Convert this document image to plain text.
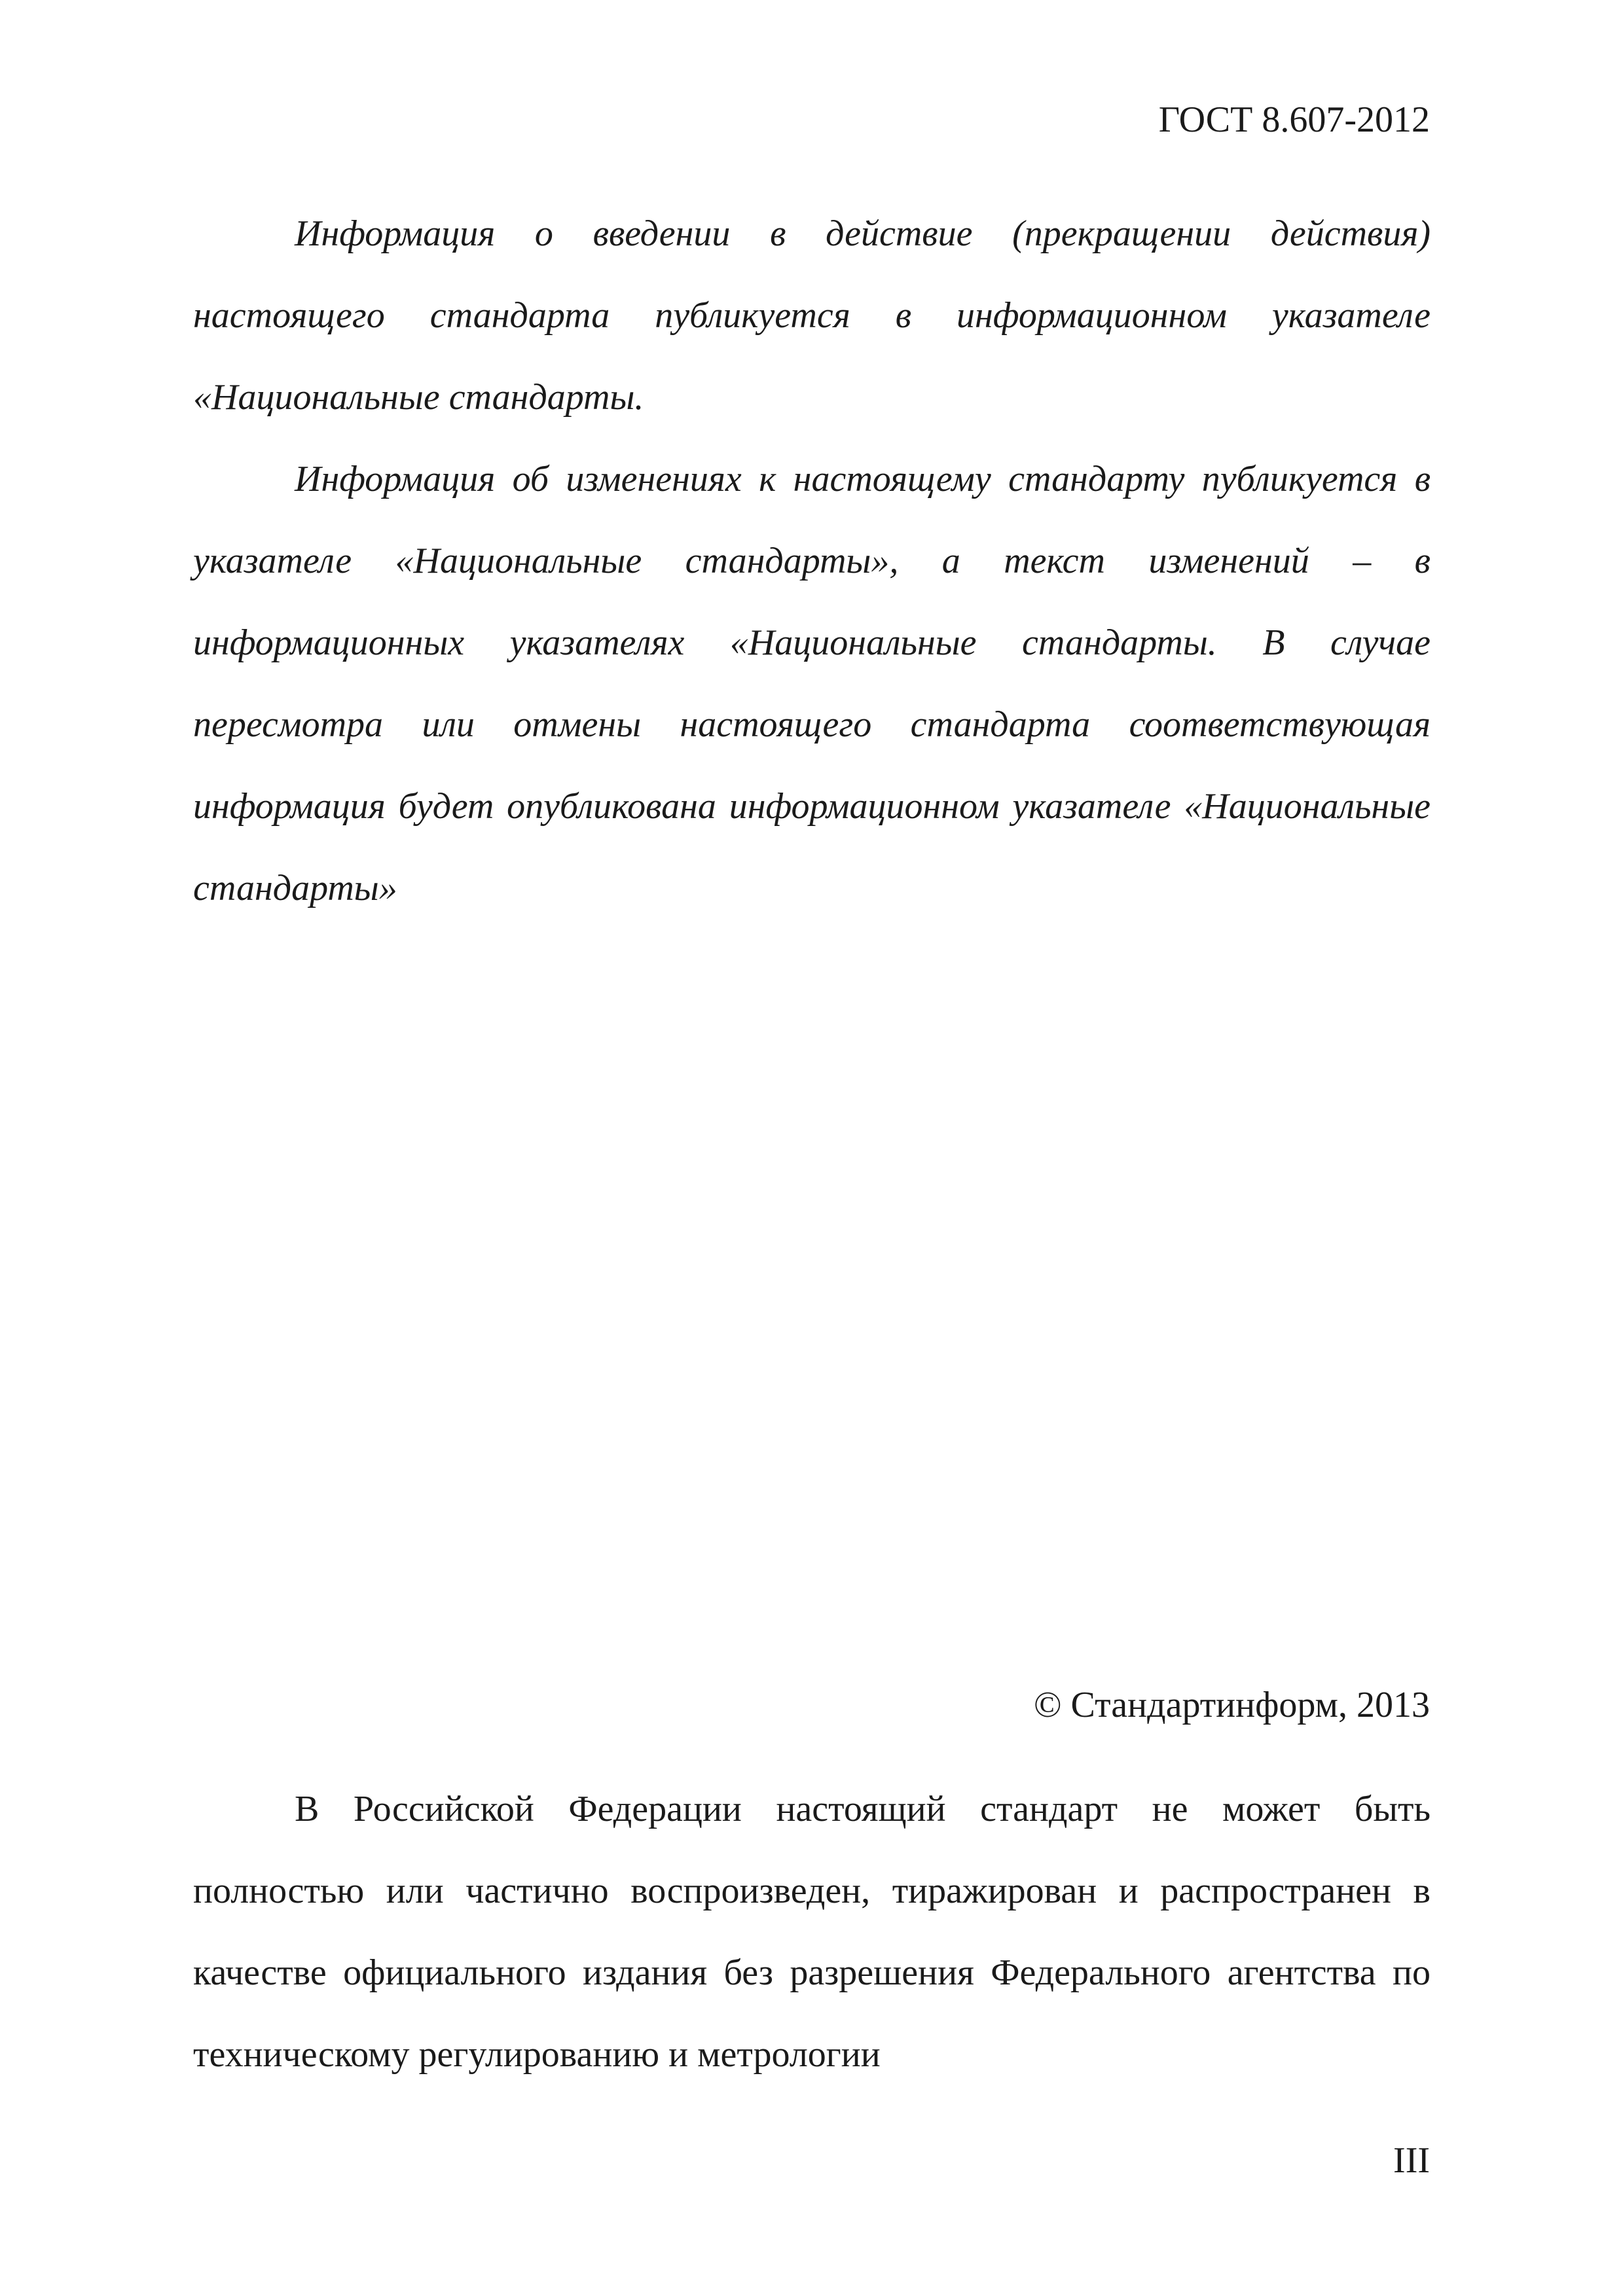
ГОСТ 8.607-2012

Информация о введении в действие (прекращении действия) настоящего стандарта публикуется в информационном указателе «Национальные стандарты.

Информация об изменениях к настоящему стандарту публикуется в указателе «Национальные стандарты», а текст изменений – в информационных указателях «Национальные стандарты. В случае пересмотра или отмены настоящего стандарта соответствующая информация будет опубликована информационном указателе «Национальные стандарты»

© Стандартинформ, 2013

В Российской Федерации настоящий стандарт не может быть полностью или частично воспроизведен, тиражирован и распространен в качестве официального издания без разрешения Федерального агентства по техническому регулированию и метрологии

III
